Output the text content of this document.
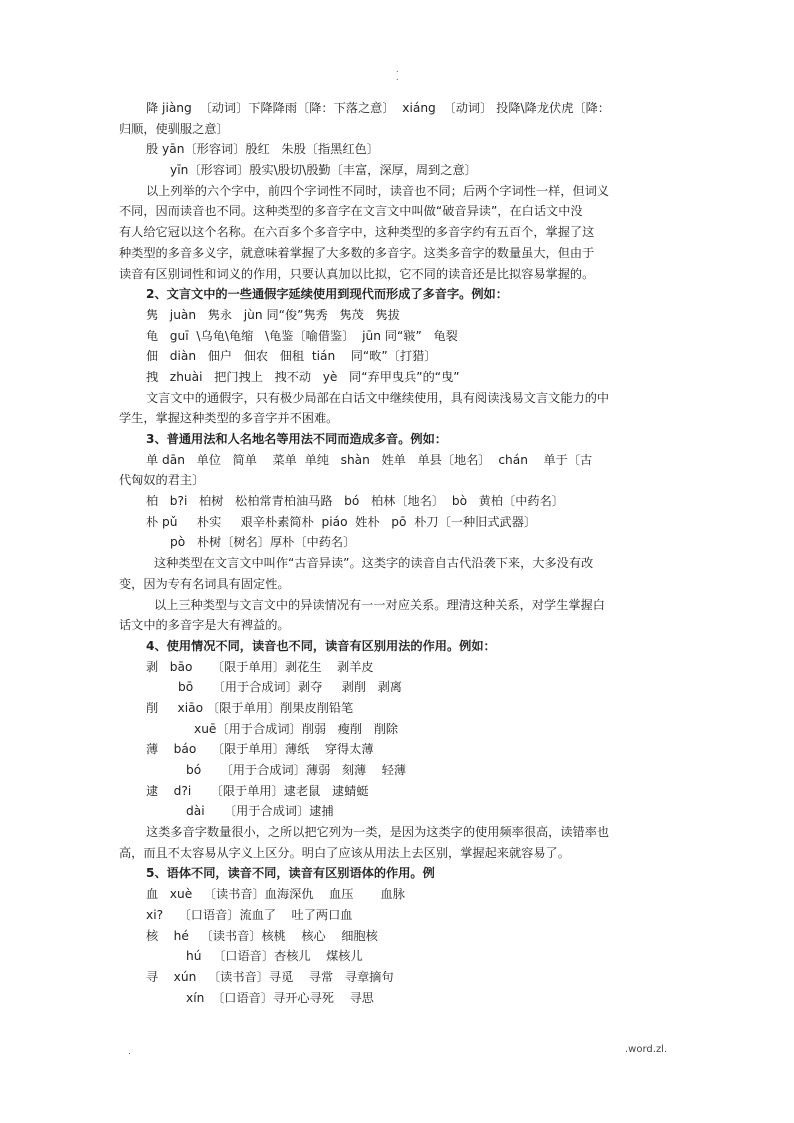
.
.
降 jiàng  〔动词〕下降降雨〔降：下落之意〕  xiáng  〔动词〕 投降\降龙伏虎〔降：
归顺，使驯服之意〕
殷 yān〔形容词〕殷红   朱殷〔指黑红色〕
yīn〔形容词〕殷实\殷切\殷勤〔丰富，深厚，周到之意〕
以上列举的六个字中，前四个字词性不同时，读音也不同；后两个字词性一样，但词义
不同，因而读音也不同。这种类型的多音字在文言文中叫做“破音异读”，在白话文中没
有人给它冠以这个名称。在六百多个多音字中，这种类型的多音字约有五百个，掌握了这
种类型的多音多义字，就意味着掌握了大多数的多音字。这类多音字的数量虽大，但由于
读音有区别词性和词义的作用，只要认真加以比拟，它不同的读音还是比拟容易掌握的。
2、文言文中的一些通假字延续使用到现代而形成了多音字。例如：
隽   juàn   隽永   jùn 同“俊”隽秀   隽茂   隽拔
龟   guī  \乌龟\龟缩   \龟鉴〔喻借鉴〕  jūn 同“皲”   龟裂
佃   diàn   佃户   佃农   佃租  tián    同“畋”〔打猎〕
拽   zhuài   把门拽上   拽不动   yè   同“弃甲曳兵”的“曳”
文言文中的通假字，只有极少局部在白话文中继续使用，具有阅读浅易文言文能力的中
学生，掌握这种类型的多音字并不困难。
3、普通用法和人名地名等用法不同而造成多音。例如：
单 dān   单位   简单    菜单  单纯   shàn   姓单   单县〔地名〕  chán    单于〔古
代匈奴的君主〕
柏   b?i   柏树   松柏常青柏油马路   bó   柏林〔地名〕  bò   黄柏〔中药名〕
朴 pǔ     朴实     艰辛朴素简朴  piáo  姓朴   pō  朴刀〔一种旧式武器〕
pò   朴树〔树名〕厚朴〔中药名〕
这种类型在文言文中叫作“古音异读”。这类字的读音自古代沿袭下来，大多没有改
变，因为专有名词具有固定性。
以上三种类型与文言文中的异读情况有一一对应关系。理清这种关系，对学生掌握白
话文中的多音字是大有裨益的。
4、使用情况不同，读音也不同，读音有区别用法的作用。例如：
剥   bāo     〔限于单用〕剥花生    剥羊皮
bō     〔用于合成词〕剥夺     剥削   剥离
削     xiāo 〔限于单用〕削果皮削铅笔
xuē〔用于合成词〕削弱   瘦削   削除
薄    báo    〔限于单用〕薄纸    穿得太薄
bó     〔用于合成词〕薄弱   刻薄    轻薄
逮    d?i     〔限于单用〕逮老鼠   逮蜻蜓
dài     〔用于合成词〕逮捕
这类多音字数量很小，之所以把它列为一类，是因为这类字的使用频率很高，读错率也
高，而且不太容易从字义上区分。明白了应该从用法上去区别，掌握起来就容易了。
5、语体不同，读音不同，读音有区别语体的作用。例
血   xuè   〔读书音〕血海深仇    血压       血脉
xi?    〔口语音〕流血了    吐了两口血
核    hé   〔读书音〕核桃    核心    细胞核
hú   〔口语音〕杏核儿    煤核儿
寻    xún   〔读书音〕寻觅    寻常   寻章摘句
xín  〔口语音〕寻开心寻死    寻思
.	.word.zl.
